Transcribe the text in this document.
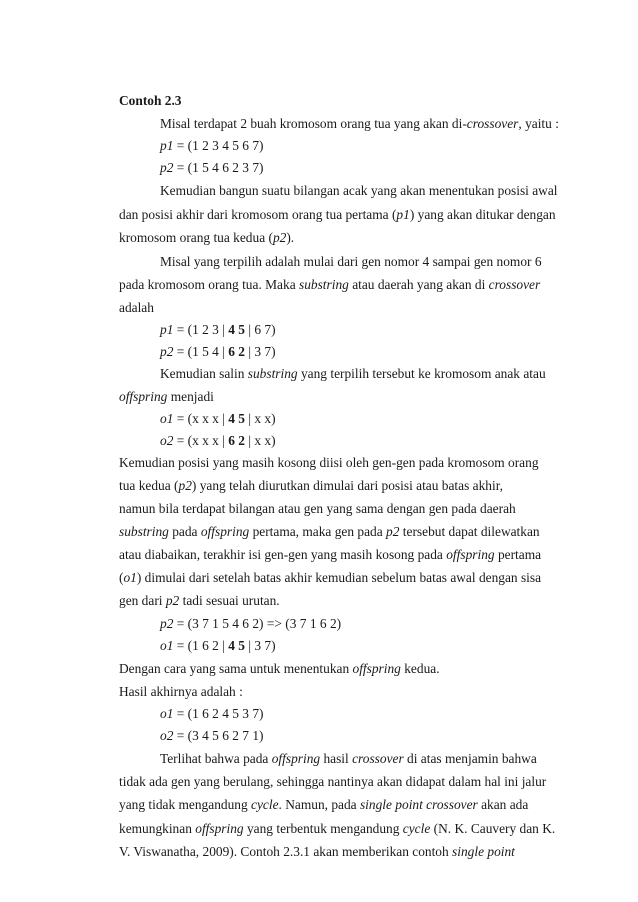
Contoh 2.3
Misal terdapat 2 buah kromosom orang tua yang akan di-crossover, yaitu :
p1 = (1 2 3 4 5 6 7)
p2 = (1 5 4 6 2 3 7)
Kemudian bangun suatu bilangan acak yang akan menentukan posisi awal
dan posisi akhir dari kromosom orang tua pertama (p1) yang akan ditukar dengan
kromosom orang tua kedua (p2).
Misal yang terpilih adalah mulai dari gen nomor 4 sampai gen nomor 6
pada kromosom orang tua. Maka substring atau daerah yang akan di crossover
adalah
p1 = (1 2 3 | 4 5 | 6 7)
p2 = (1 5 4 | 6 2 | 3 7)
Kemudian salin substring yang terpilih tersebut ke kromosom anak atau
offspring menjadi
o1 = (x x x | 4 5 | x x)
o2 = (x x x | 6 2 | x x)
Kemudian posisi yang masih kosong diisi oleh gen-gen pada kromosom orang
tua kedua (p2) yang telah diurutkan dimulai dari posisi atau batas akhir,
namun bila terdapat bilangan atau gen yang sama dengan gen pada daerah
substring pada offspring pertama, maka gen pada p2 tersebut dapat dilewatkan
atau diabaikan, terakhir isi gen-gen yang masih kosong pada offspring pertama
(o1) dimulai dari setelah batas akhir kemudian sebelum batas awal dengan sisa
gen dari p2 tadi sesuai urutan.
p2 = (3 7 1 5 4 6 2) => (3 7 1 6 2)
o1 = (1 6 2 | 4 5 | 3 7)
Dengan cara yang sama untuk menentukan offspring kedua.
Hasil akhirnya adalah :
o1 = (1 6 2 4 5 3 7)
o2 = (3 4 5 6 2 7 1)
Terlihat bahwa pada offspring hasil crossover di atas menjamin bahwa
tidak ada gen yang berulang, sehingga nantinya akan didapat dalam hal ini jalur
yang tidak mengandung cycle. Namun, pada single point crossover akan ada
kemungkinan offspring yang terbentuk mengandung cycle (N. K. Cauvery dan K.
V. Viswanatha, 2009). Contoh 2.3.1 akan memberikan contoh single point
